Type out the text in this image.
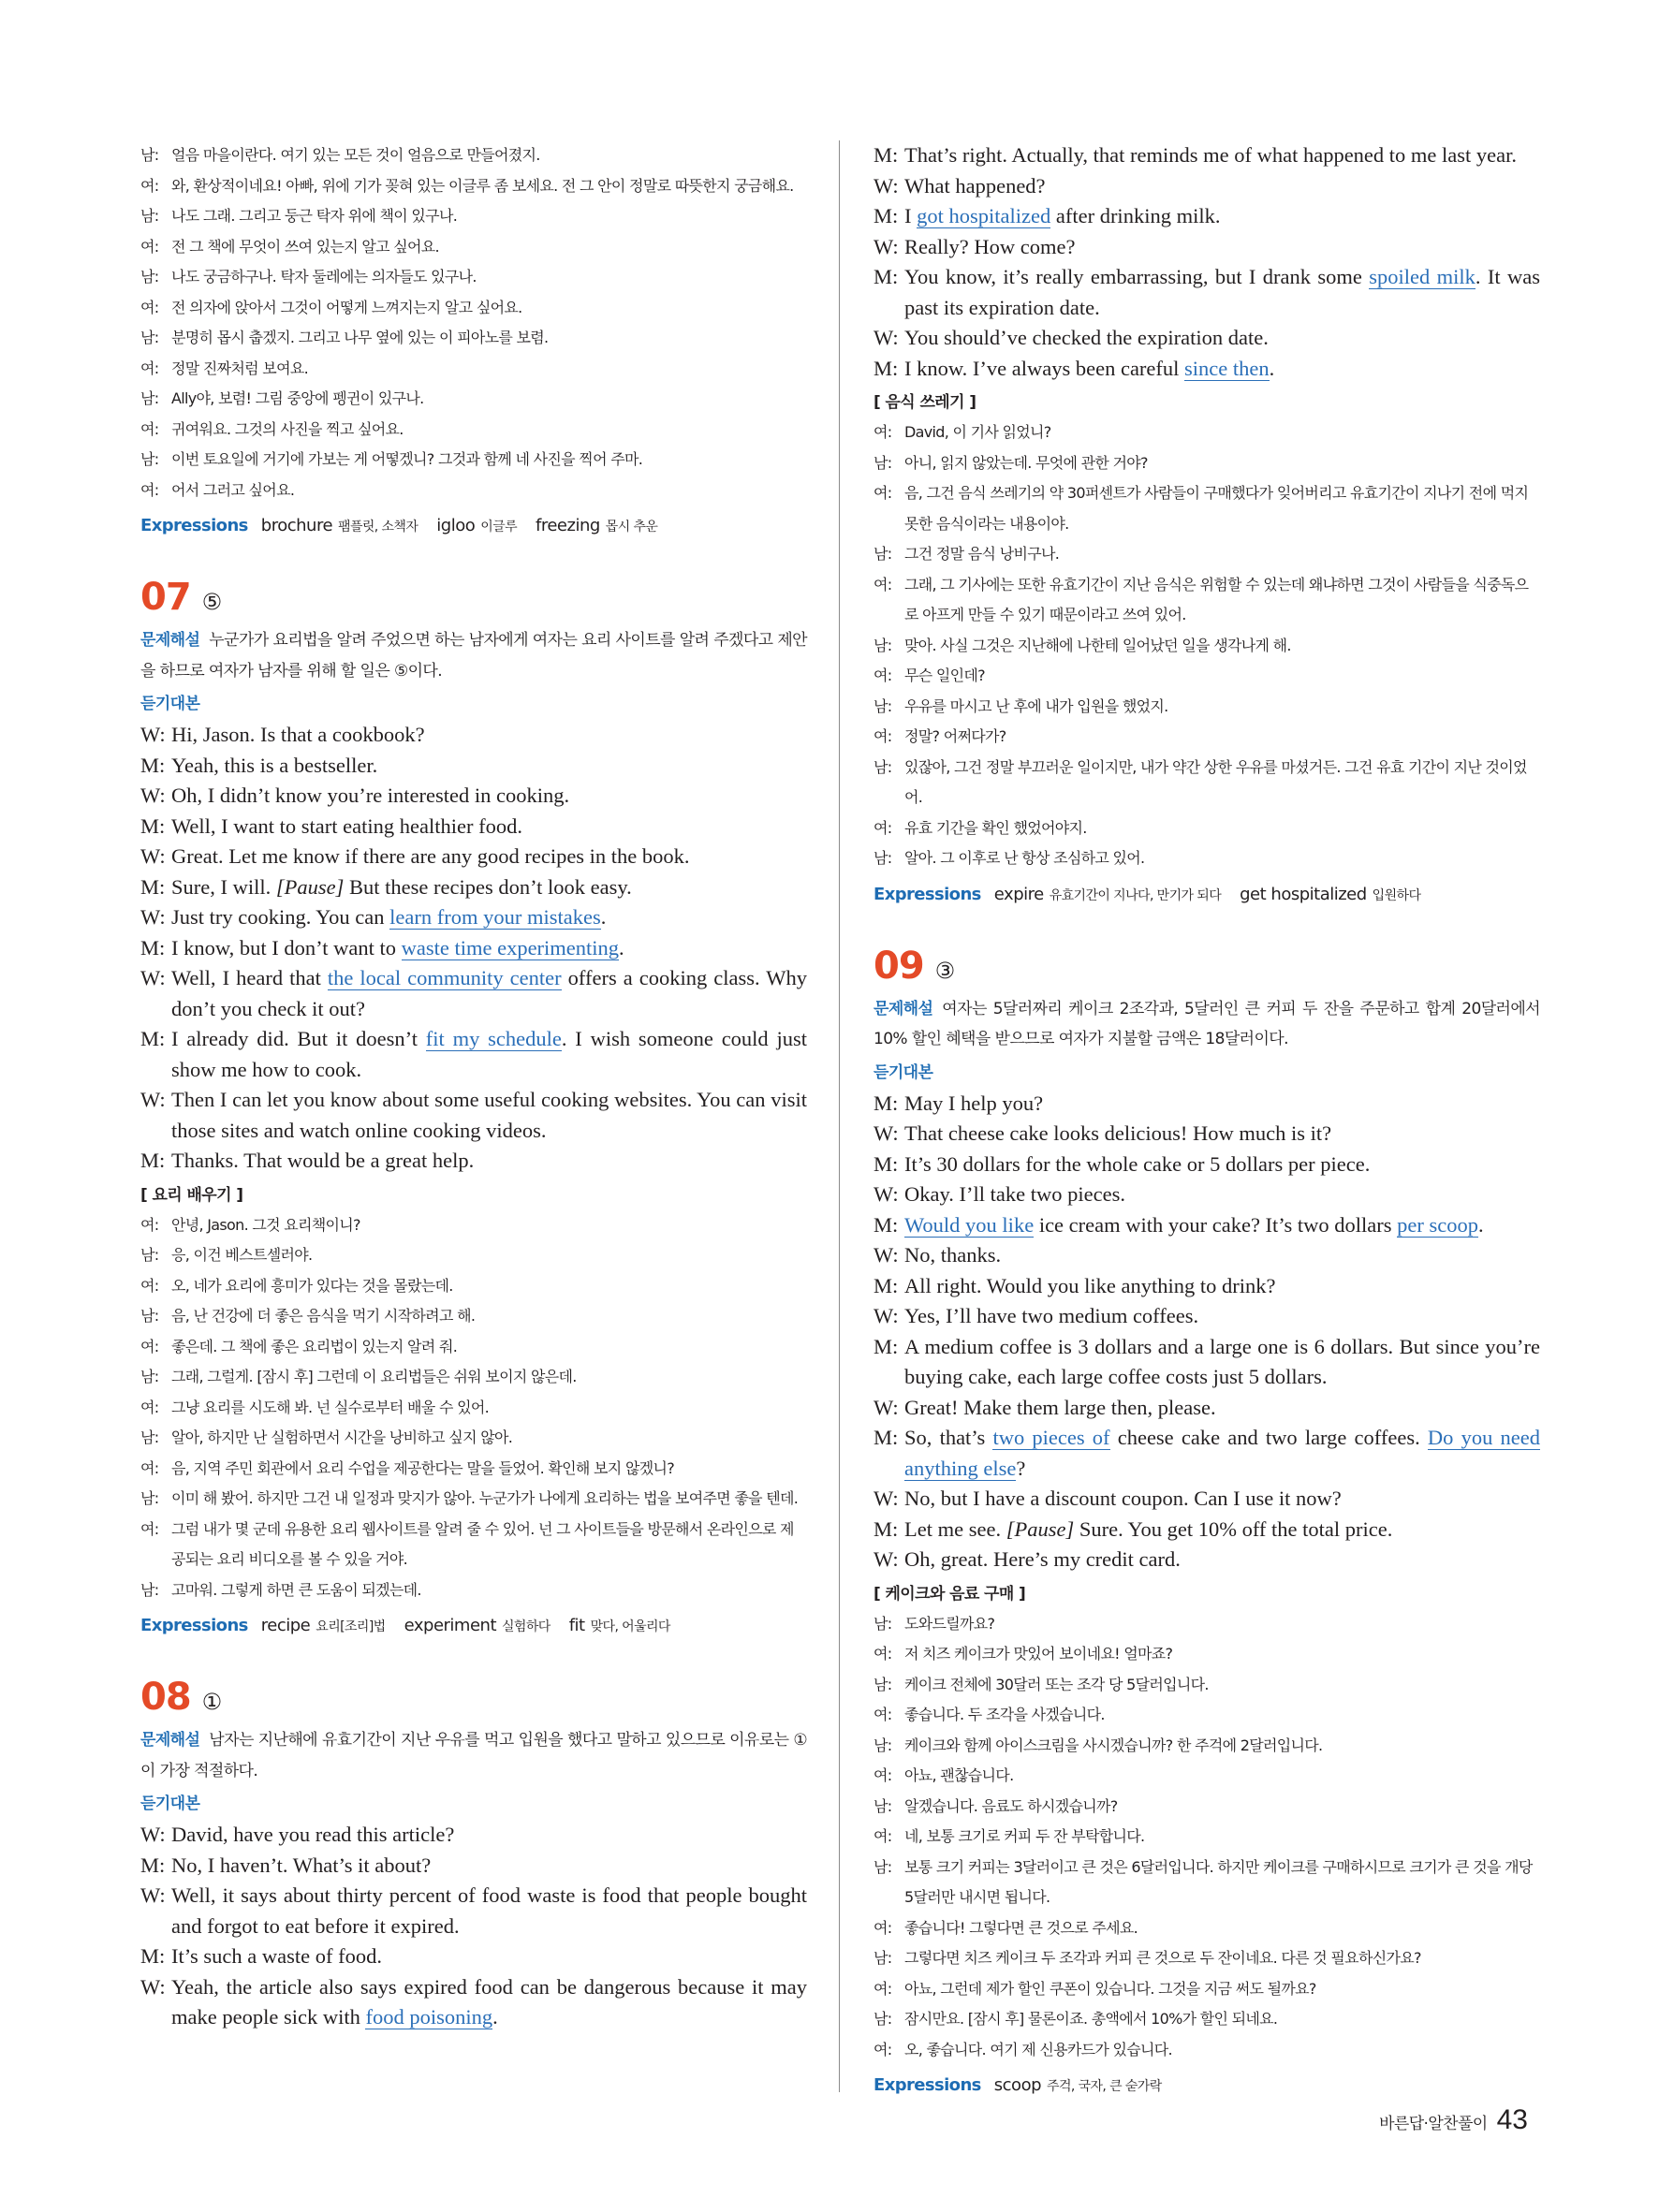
남: 얼음 마을이란다. 여기 있는 모든 것이 얼음으로 만들어졌지.
여: 와, 환상적이네요! 아빠, 위에 기가 꽂혀 있는 이글루 좀 보세요. 전 그 안이 정말로 따뜻한지 궁금해요.
남: 나도 그래. 그리고 둥근 탁자 위에 책이 있구나.
여: 전 그 책에 무엇이 쓰여 있는지 알고 싶어요.
남: 나도 궁금하구나. 탁자 둘레에는 의자들도 있구나.
여: 전 의자에 앉아서 그것이 어떻게 느껴지는지 알고 싶어요.
남: 분명히 몹시 춥겠지. 그리고 나무 옆에 있는 이 피아노를 보렴.
여: 정말 진짜처럼 보여요.
남: Ally야, 보렴! 그림 중앙에 펭귄이 있구나.
여: 귀여워요. 그것의 사진을 찍고 싶어요.
남: 이번 토요일에 거기에 가보는 게 어떻겠니? 그것과 함께 네 사진을 찍어 주마.
여: 어서 그러고 싶어요.
Expressions brochure 팸플릿, 소책자 igloo 이글루 freezing 몹시 추운
07 ⑤
문제해설 누군가가 요리법을 알려 주었으면 하는 남자에게 여자는 요리 사이트를 알려 주겠다고 제안을 하므로 여자가 남자를 위해 할 일은 ⑤이다.
듣기대본
W: Hi, Jason. Is that a cookbook?
M: Yeah, this is a bestseller.
W: Oh, I didn’t know you’re interested in cooking.
M: Well, I want to start eating healthier food.
W: Great. Let me know if there are any good recipes in the book.
M: Sure, I will. [Pause] But these recipes don’t look easy.
W: Just try cooking. You can learn from your mistakes.
M: I know, but I don’t want to waste time experimenting.
W: Well, I heard that the local community center offers a cooking class. Why don’t you check it out?
M: I already did. But it doesn’t fit my schedule. I wish someone could just show me how to cook.
W: Then I can let you know about some useful cooking websites. You can visit those sites and watch online cooking videos.
M: Thanks. That would be a great help.
[ 요리 배우기 ]
여: 안녕, Jason. 그것 요리책이니?
남: 응, 이건 베스트셀러야.
여: 오, 네가 요리에 흥미가 있다는 것을 몰랐는데.
남: 음, 난 건강에 더 좋은 음식을 먹기 시작하려고 해.
여: 좋은데. 그 책에 좋은 요리법이 있는지 알려 줘.
남: 그래, 그럴게. [잠시 후] 그런데 이 요리법들은 쉬워 보이지 않은데.
여: 그냥 요리를 시도해 봐. 넌 실수로부터 배울 수 있어.
남: 알아, 하지만 난 실험하면서 시간을 낭비하고 싶지 않아.
여: 음, 지역 주민 회관에서 요리 수업을 제공한다는 말을 들었어. 확인해 보지 않겠니?
남: 이미 해 봤어. 하지만 그건 내 일정과 맞지가 않아. 누군가가 나에게 요리하는 법을 보여주면 좋을 텐데.
여: 그럼 내가 몇 군데 유용한 요리 웹사이트를 알려 줄 수 있어. 넌 그 사이트들을 방문해서 온라인으로 제공되는 요리 비디오를 볼 수 있을 거야.
남: 고마워. 그렇게 하면 큰 도움이 되겠는데.
Expressions recipe 요리[조리]법 experiment 실험하다 fit 맞다, 어울리다
08 ①
문제해설 남자는 지난해에 유효기간이 지난 우유를 먹고 입원을 했다고 말하고 있으므로 이유로는 ①이 가장 적절하다.
듣기대본
W: David, have you read this article?
M: No, I haven’t. What’s it about?
W: Well, it says about thirty percent of food waste is food that people bought and forgot to eat before it expired.
M: It’s such a waste of food.
W: Yeah, the article also says expired food can be dangerous because it may make people sick with food poisoning.
M: That’s right. Actually, that reminds me of what happened to me last year.
W: What happened?
M: I got hospitalized after drinking milk.
W: Really? How come?
M: You know, it’s really embarrassing, but I drank some spoiled milk. It was past its expiration date.
W: You should’ve checked the expiration date.
M: I know. I’ve always been careful since then.
[ 음식 쓰레기 ]
여: David, 이 기사 읽었니?
남: 아니, 읽지 않았는데. 무엇에 관한 거야?
여: 음, 그건 음식 쓰레기의 약 30퍼센트가 사람들이 구매했다가 잊어버리고 유효기간이 지나기 전에 먹지 못한 음식이라는 내용이야.
남: 그건 정말 음식 낭비구나.
여: 그래, 그 기사에는 또한 유효기간이 지난 음식은 위험할 수 있는데 왜냐하면 그것이 사람들을 식중독으로 아프게 만들 수 있기 때문이라고 쓰여 있어.
남: 맞아. 사실 그것은 지난해에 나한테 일어났던 일을 생각나게 해.
여: 무슨 일인데?
남: 우유를 마시고 난 후에 내가 입원을 했었지.
여: 정말? 어쩌다가?
남: 있잖아, 그건 정말 부끄러운 일이지만, 내가 약간 상한 우유를 마셨거든. 그건 유효 기간이 지난 것이었어.
여: 유효 기간을 확인 했었어야지.
남: 알아. 그 이후로 난 항상 조심하고 있어.
Expressions expire 유효기간이 지나다, 만기가 되다 get hospitalized 입원하다
09 ③
문제해설 여자는 5달러짜리 케이크 2조각과, 5달러인 큰 커피 두 잔을 주문하고 합계 20달러에서 10% 할인 혜택을 받으므로 여자가 지불할 금액은 18달러이다.
듣기대본
M: May I help you?
W: That cheese cake looks delicious! How much is it?
M: It’s 30 dollars for the whole cake or 5 dollars per piece.
W: Okay. I’ll take two pieces.
M: Would you like ice cream with your cake? It’s two dollars per scoop.
W: No, thanks.
M: All right. Would you like anything to drink?
W: Yes, I’ll have two medium coffees.
M: A medium coffee is 3 dollars and a large one is 6 dollars. But since you’re buying cake, each large coffee costs just 5 dollars.
W: Great! Make them large then, please.
M: So, that’s two pieces of cheese cake and two large coffees. Do you need anything else?
W: No, but I have a discount coupon. Can I use it now?
M: Let me see. [Pause] Sure. You get 10% off the total price.
W: Oh, great. Here’s my credit card.
[ 케이크와 음료 구매 ]
남: 도와드릴까요?
여: 저 치즈 케이크가 맛있어 보이네요! 얼마죠?
남: 케이크 전체에 30달러 또는 조각 당 5달러입니다.
여: 좋습니다. 두 조각을 사겠습니다.
남: 케이크와 함께 아이스크림을 사시겠습니까? 한 주걱에 2달러입니다.
여: 아뇨, 괜찮습니다.
남: 알겠습니다. 음료도 하시겠습니까?
여: 네, 보통 크기로 커피 두 잔 부탁합니다.
남: 보통 크기 커피는 3달러이고 큰 것은 6달러입니다. 하지만 케이크를 구매하시므로 크기가 큰 것을 개당 5달러만 내시면 됩니다.
여: 좋습니다! 그렇다면 큰 것으로 주세요.
남: 그렇다면 치즈 케이크 두 조각과 커피 큰 것으로 두 잔이네요. 다른 것 필요하신가요?
여: 아뇨, 그런데 제가 할인 쿠폰이 있습니다. 그것을 지금 써도 될까요?
남: 잠시만요. [잠시 후] 물론이죠. 총액에서 10%가 할인 되네요.
여: 오, 좋습니다. 여기 제 신용카드가 있습니다.
Expressions scoop 주걱, 국자, 큰 숟가락
바른답·알찬풀이 43
